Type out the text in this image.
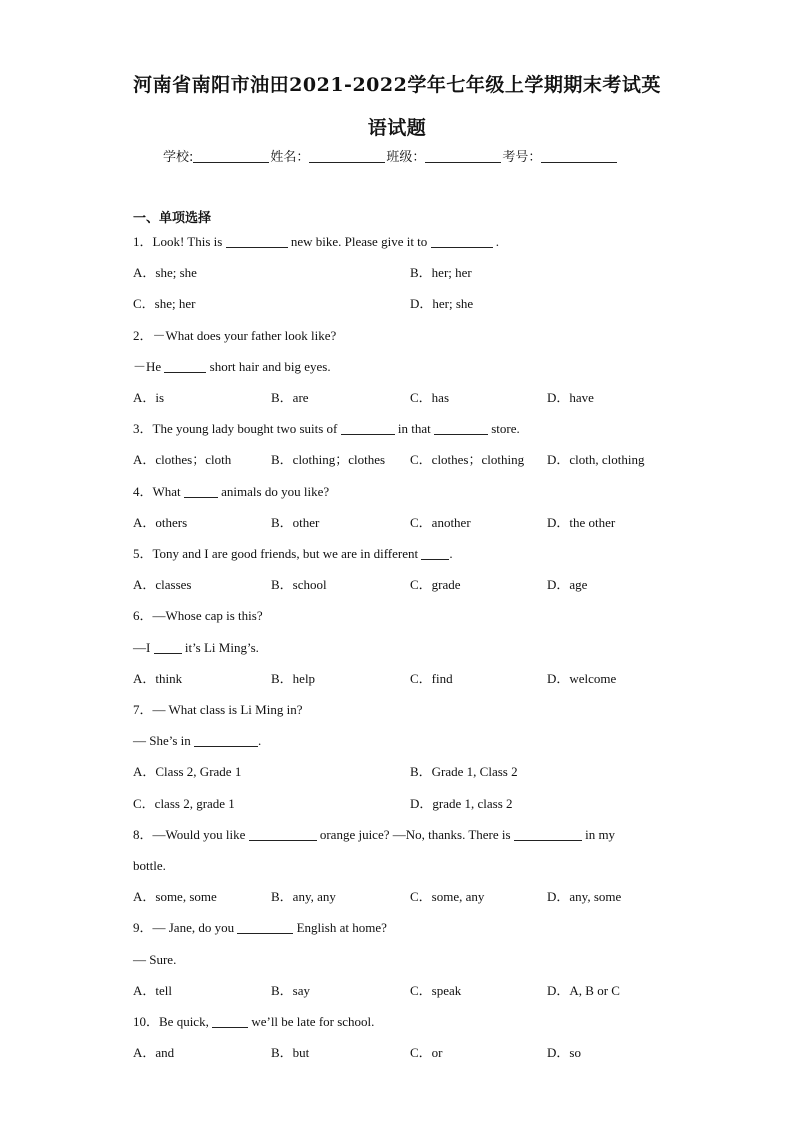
河南省南阳市油田2021-2022学年七年级上学期期末考试英
语试题
学校:	姓名：	班级：	考号：
一、单项选择
1．Look! This is	new bike. Please give it to	.
A．she; she	B．her; her
C．she; her	D．her; she
2．－What does your father look like?
－He	short hair and big eyes.
A．is	B．are	C．has	D．have
3．The young lady bought two suits of	in that	store.
A．clothes；cloth	B．clothing；clothes C．clothes；clothing D．cloth, clothing
4．What	animals do you like?
A．others	B．other	C．another	D．the other
5．Tony and I are good friends, but we are in different .
A．classes	B．school	C．grade	D．age
6．—Whose cap is this?
—I	it’s Li Ming’s.
A．think	B．help	C．find	D．welcome
7．— What class is Li Ming in?
— She’s in	.
A．Class 2, Grade 1	B．Grade 1, Class 2
C．class 2, grade 1	D．grade 1, class 2
8．—Would you like	orange juice? —No, thanks. There is	in my
bottle.
A．some, some	B．any, any	C．some, any	D．any, some
9．— Jane, do you	English at home?
— Sure.
A．tell	B．say	C．speak	D．A, B or C
10．Be quick,	we’ll be late for school.
A．and	B．but	C．or	D．so
